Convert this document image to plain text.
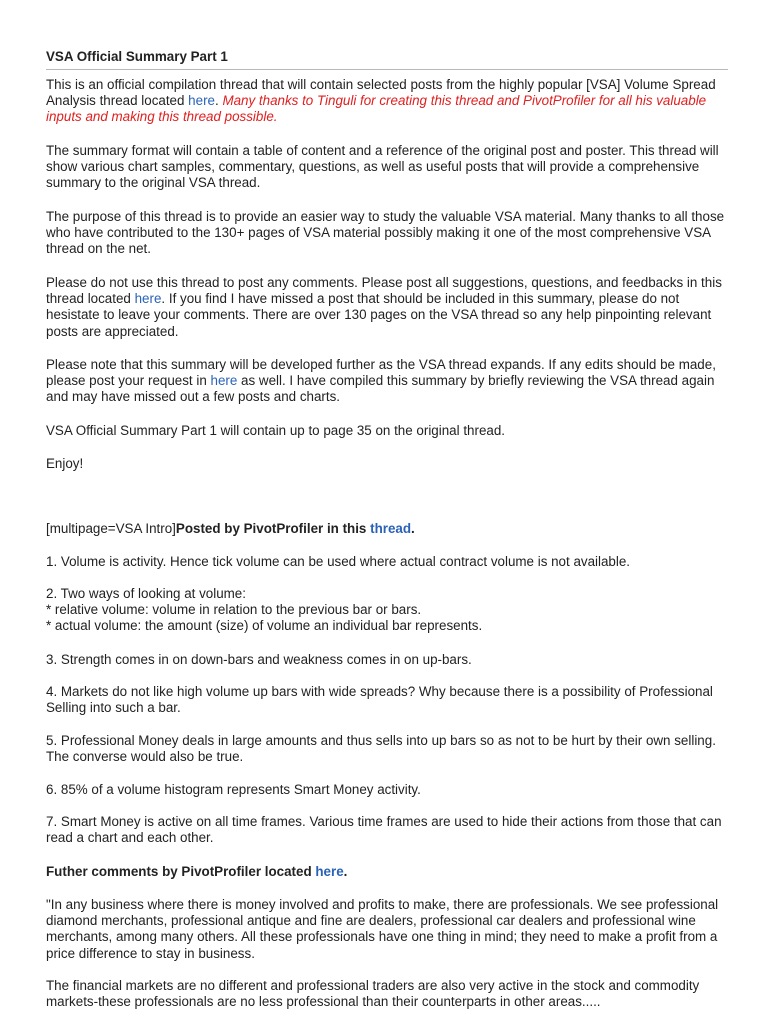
VSA Official Summary Part 1

This is an official compilation thread that will contain selected posts from the highly popular [VSA] Volume Spread Analysis thread located here. Many thanks to Tinguli for creating this thread and PivotProfiler for all his valuable inputs and making this thread possible.

The summary format will contain a table of content and a reference of the original post and poster. This thread will show various chart samples, commentary, questions, as well as useful posts that will provide a comprehensive summary to the original VSA thread.

The purpose of this thread is to provide an easier way to study the valuable VSA material. Many thanks to all those who have contributed to the 130+ pages of VSA material possibly making it one of the most comprehensive VSA thread on the net.

Please do not use this thread to post any comments. Please post all suggestions, questions, and feedbacks in this thread located here. If you find I have missed a post that should be included in this summary, please do not hesistate to leave your comments. There are over 130 pages on the VSA thread so any help pinpointing relevant posts are appreciated.

Please note that this summary will be developed further as the VSA thread expands. If any edits should be made, please post your request in here as well. I have compiled this summary by briefly reviewing the VSA thread again and may have missed out a few posts and charts.

VSA Official Summary Part 1 will contain up to page 35 on the original thread.

Enjoy!

[multipage=VSA Intro]Posted by PivotProfiler in this thread.

1. Volume is activity. Hence tick volume can be used where actual contract volume is not available.

2. Two ways of looking at volume:

* relative volume: volume in relation to the previous bar or bars.

* actual volume: the amount (size) of volume an individual bar represents.

3. Strength comes in on down-bars and weakness comes in on up-bars.

4. Markets do not like high volume up bars with wide spreads? Why because there is a possibility of Professional Selling into such a bar.

5. Professional Money deals in large amounts and thus sells into up bars so as not to be hurt by their own selling. The converse would also be true.

6. 85% of a volume histogram represents Smart Money activity.

7. Smart Money is active on all time frames. Various time frames are used to hide their actions from those that can read a chart and each other.

Futher comments by PivotProfiler located here.

"In any business where there is money involved and profits to make, there are professionals. We see professional diamond merchants, professional antique and fine are dealers, professional car dealers and professional wine merchants, among many others. All these professionals have one thing in mind; they need to make a profit from a price difference to stay in business.

The financial markets are no different and professional traders are also very active in the stock and commodity markets-these professionals are no less professional than their counterparts in other areas.....
